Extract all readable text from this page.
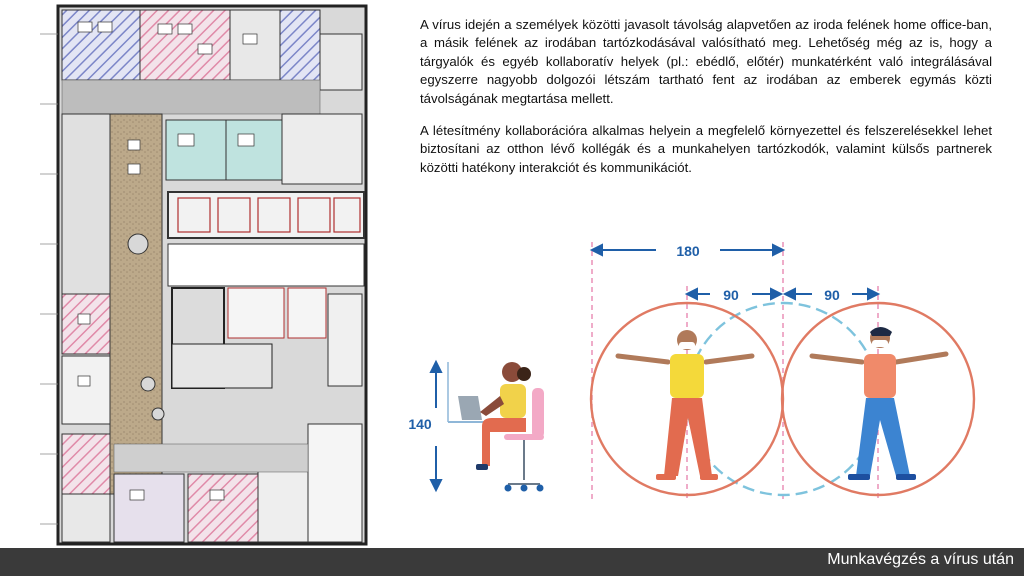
A vírus idején a személyek közötti javasolt távolság alapvetően az iroda felének home office-ban, a másik felének az irodában tartózkodásával valósítható meg. Lehetőség még az is, hogy a tárgyalók és egyéb kollaboratív helyek (pl.: ebédlő, előtér) munkatérként való integrálásával egyszerre nagyobb dolgozói létszám tartható fent az irodában az emberek egymás közti távolságának megtartása mellett.

A létesítmény kollaborációra alkalmas helyein a megfelelő környezettel és felszerelésekkel lehet biztosítani az otthon lévő kollégák és a munkahelyen tartózkodók, valamint külsős partnerek közötti hatékony interakciót és kommunikációt.

180
90	90
140
Munkavégzés a vírus után
